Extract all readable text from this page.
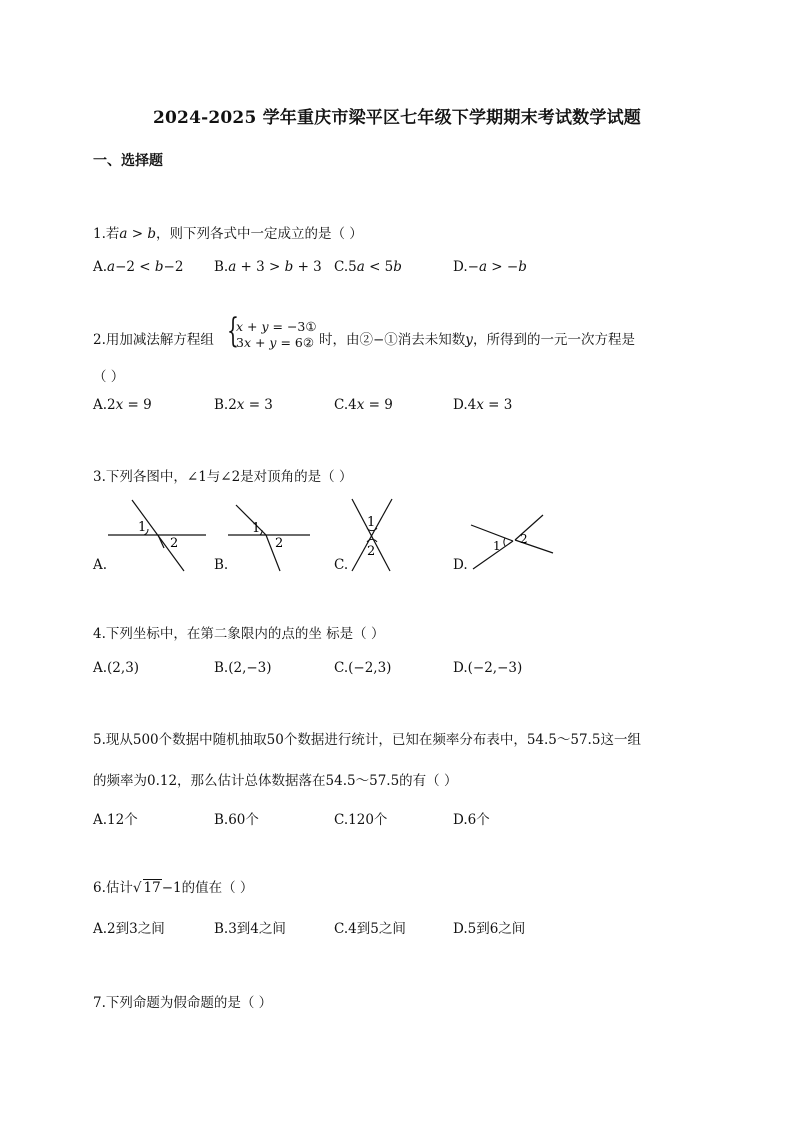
2024-2025 学年重庆市梁平区七年级下学期期末考试数学试题
一、选择题
1.若𝑎 > 𝑏，则下列各式中一定成立的是（ ）
A.𝑎−2 < 𝑏−2 B.𝑎 + 3 > 𝑏 + 3 C.5𝑎 < 5𝑏	D.−𝑎 > −𝑏
2.用加减法解方程组 {
𝑥 + 𝑦 = −3①
3𝑥 + 𝑦 = 6② 时，由②−①消去未知数𝑦，所得到的一元一次方程是
（ ）
A.2𝑥 = 9	B.2𝑥 = 3	C.4𝑥 = 9	D.4𝑥 = 3
3.下列各图中，∠1与∠2是对顶角的是（ ）
1
2
1
2
1
2	1 2
A.	B.	C.	D.
4.下列坐标中，在第二象限内的点的坐 标是（ ）
A.(2,3)	B.(2,−3)	C.(−2,3)	D.(−2,−3)
5.现从500个数据中随机抽取50个数据进行统计，已知在频率分布表中，54.5～57.5这一组
的频率为0.12，那么估计总体数据落在54.5～57.5的有（ ）
A.12个	B.60个	C.120个	D.6个
6.估计√ 17−1的值在（ ）
A.2到3之间	B.3到4之间	C.4到5之间	D.5到6之间
7.下列命题为假命题的是（ ）
